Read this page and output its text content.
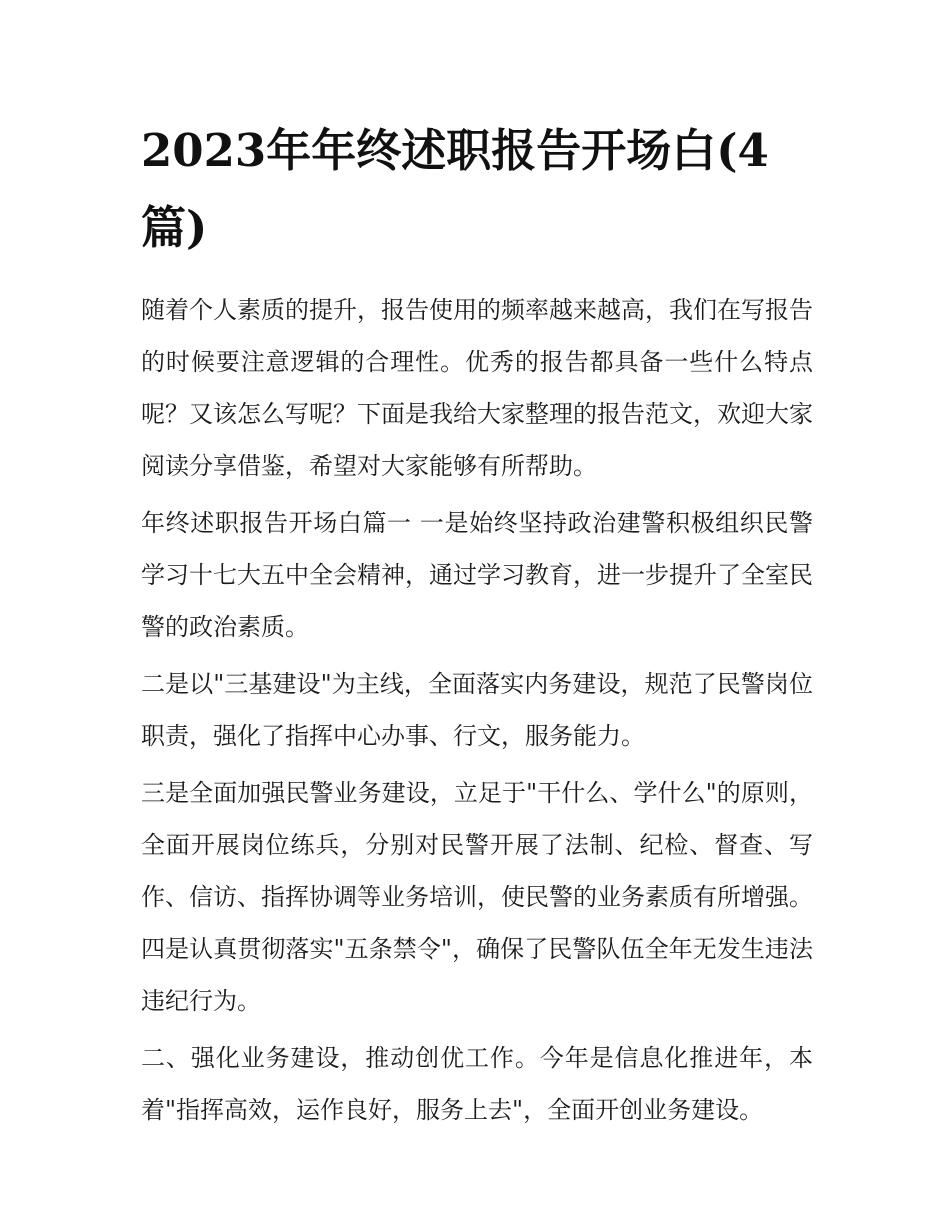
2023年年终述职报告开场白(4篇)

随着个人素质的提升，报告使用的频率越来越高，我们在写报告的时候要注意逻辑的合理性。优秀的报告都具备一些什么特点呢？又该怎么写呢？下面是我给大家整理的报告范文，欢迎大家阅读分享借鉴，希望对大家能够有所帮助。

年终述职报告开场白篇一 一是始终坚持政治建警积极组织民警学习十七大五中全会精神，通过学习教育，进一步提升了全室民警的政治素质。

二是以"三基建设"为主线，全面落实内务建设，规范了民警岗位职责，强化了指挥中心办事、行文，服务能力。

三是全面加强民警业务建设，立足于"干什么、学什么"的原则，全面开展岗位练兵，分别对民警开展了法制、纪检、督查、写作、信访、指挥协调等业务培训，使民警的业务素质有所增强。四是认真贯彻落实"五条禁令"，确保了民警队伍全年无发生违法违纪行为。

二、强化业务建设，推动创优工作。今年是信息化推进年，本着"指挥高效，运作良好，服务上去"，全面开创业务建设。
